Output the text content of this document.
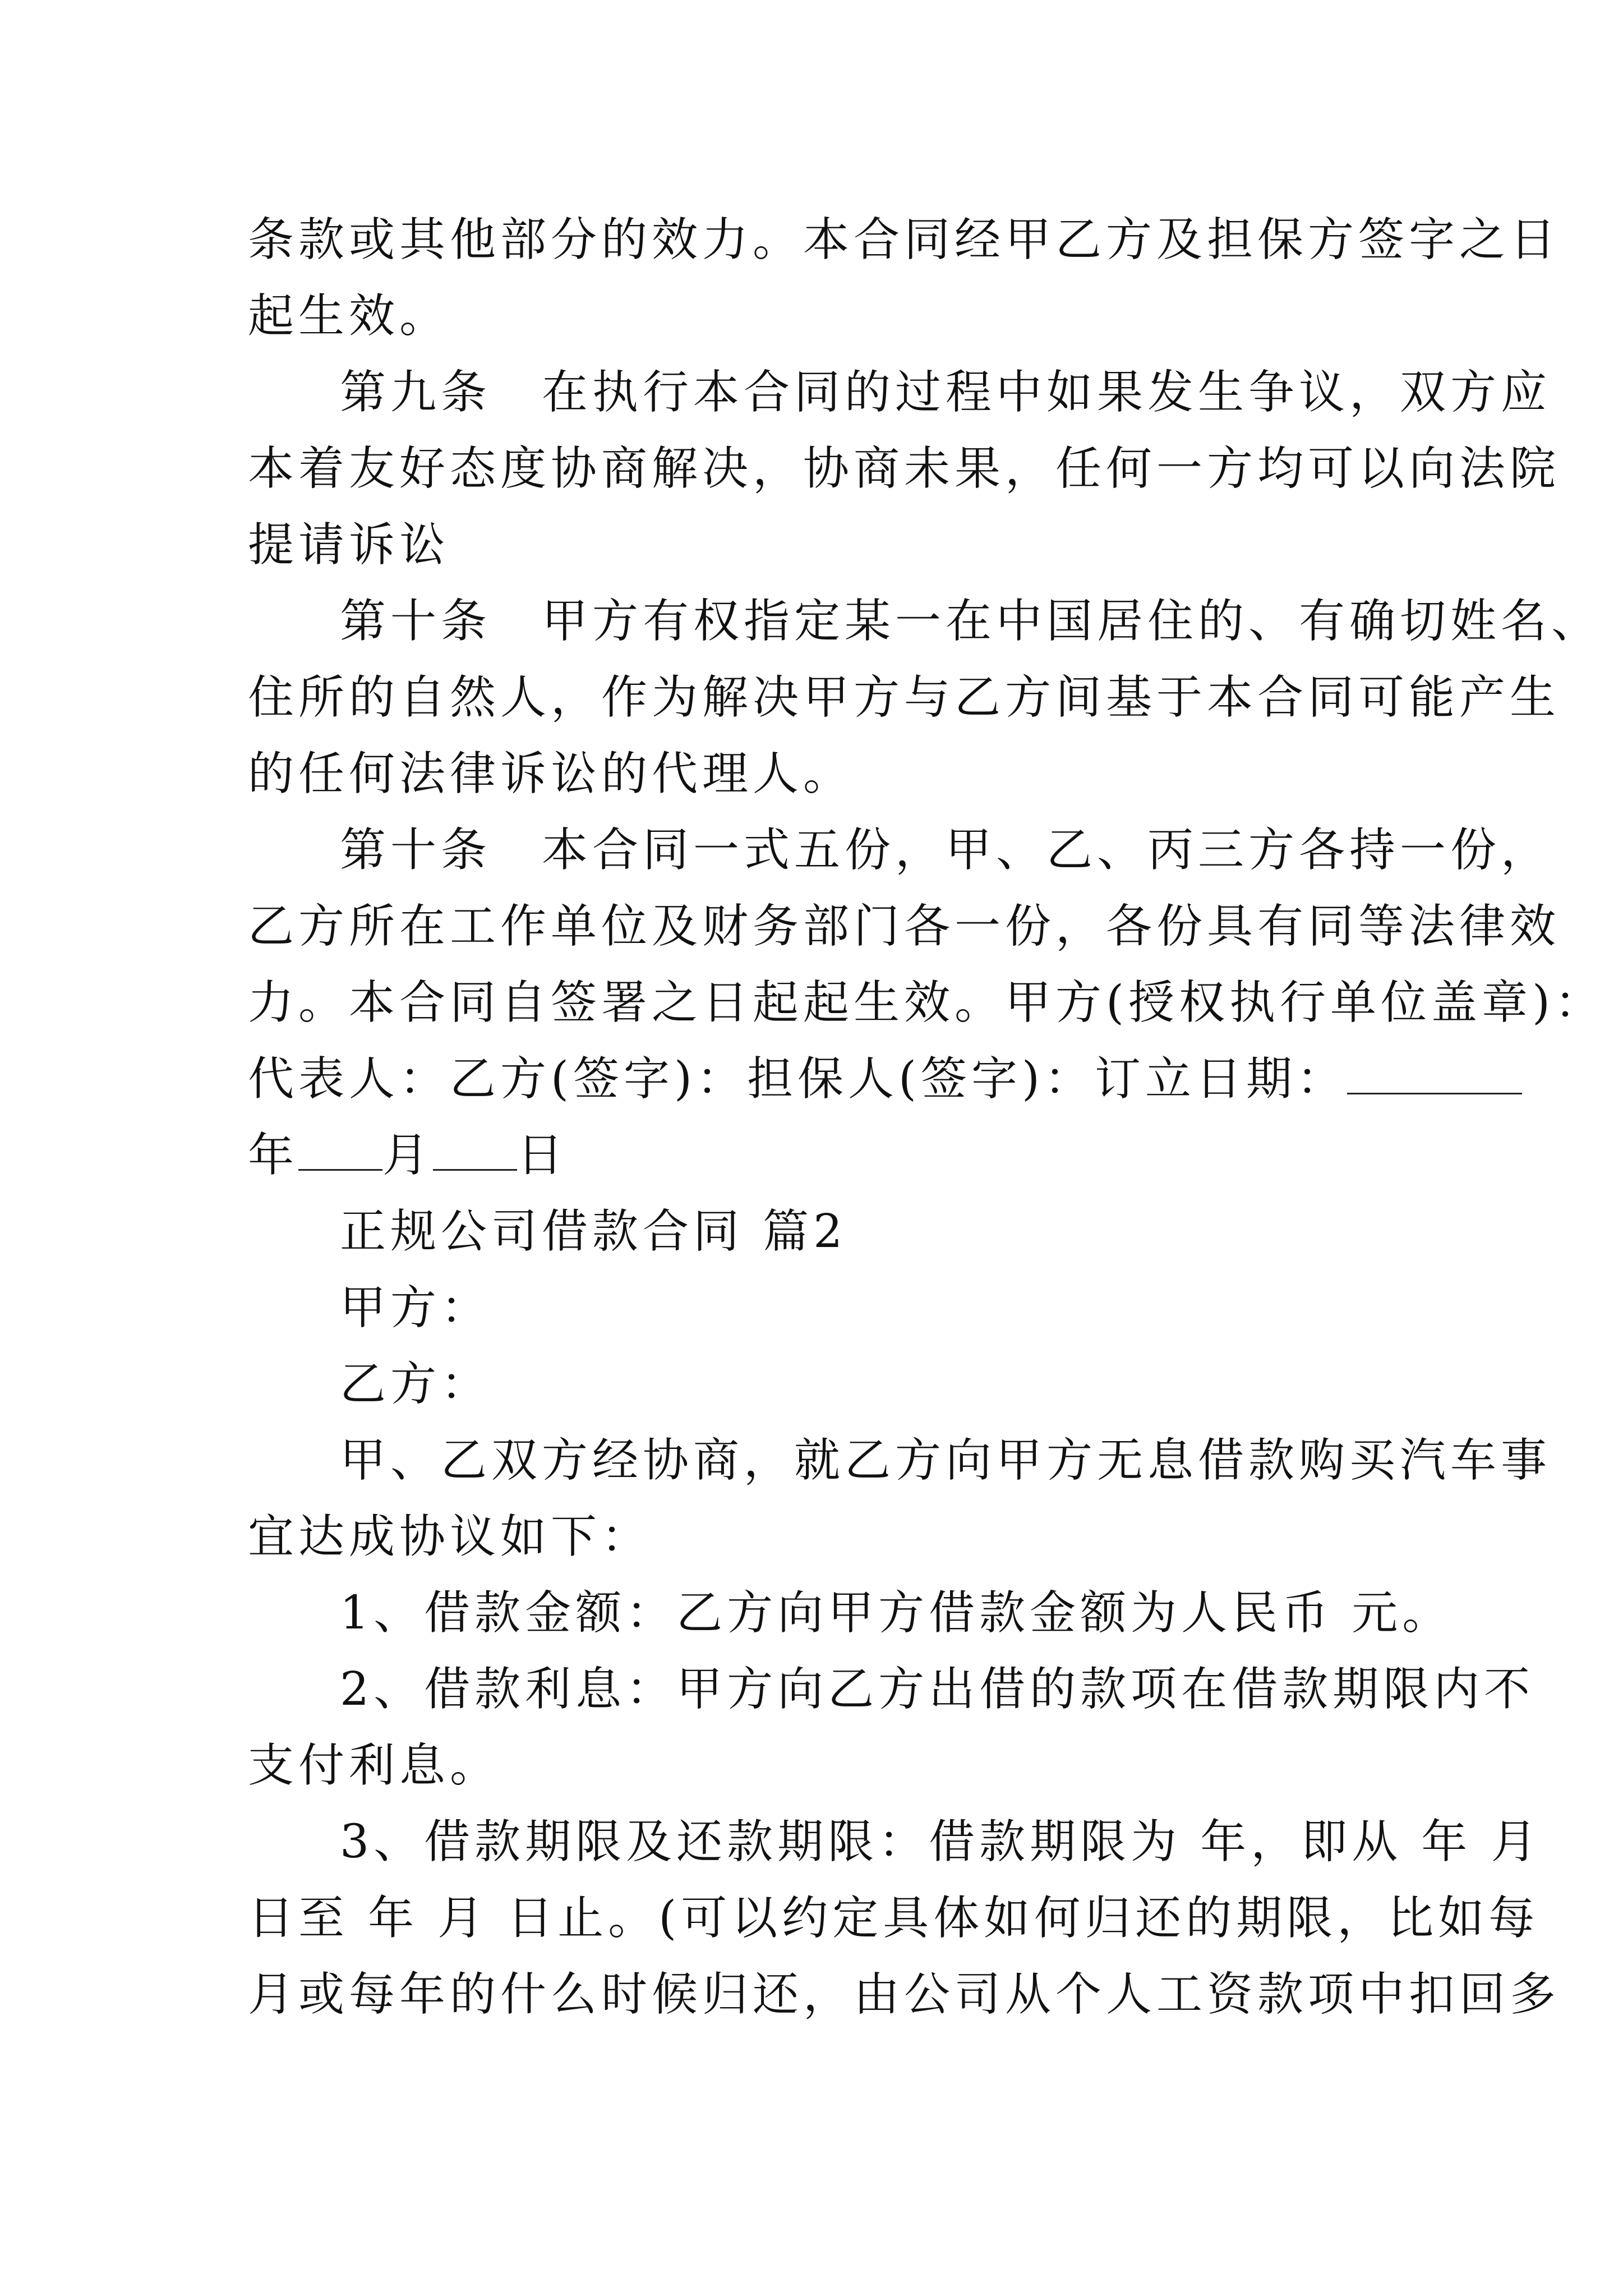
条款或其他部分的效力。本合同经甲乙方及担保方签字之日
起生效。
第九条　在执行本合同的过程中如果发生争议，双方应
本着友好态度协商解决，协商未果，任何一方均可以向法院
提请诉讼
第十条　甲方有权指定某一在中国居住的、有确切姓名、
住所的自然人，作为解决甲方与乙方间基于本合同可能产生
的任何法律诉讼的代理人。
第十条　本合同一式五份，甲、乙、丙三方各持一份，
乙方所在工作单位及财务部门各一份，各份具有同等法律效
力。本合同自签署之日起起生效。甲方(授权执行单位盖章)：
代表人：乙方(签字)：担保人(签字)：订立日期：
年 月 日
正规公司借款合同 篇2
甲方：
乙方：
甲、乙双方经协商，就乙方向甲方无息借款购买汽车事
宜达成协议如下：
1、借款金额：乙方向甲方借款金额为人民币 元。
2、借款利息：甲方向乙方出借的款项在借款期限内不
支付利息。
3、借款期限及还款期限：借款期限为 年，即从 年 月
日至 年 月 日止。(可以约定具体如何归还的期限，比如每
月或每年的什么时候归还，由公司从个人工资款项中扣回多
